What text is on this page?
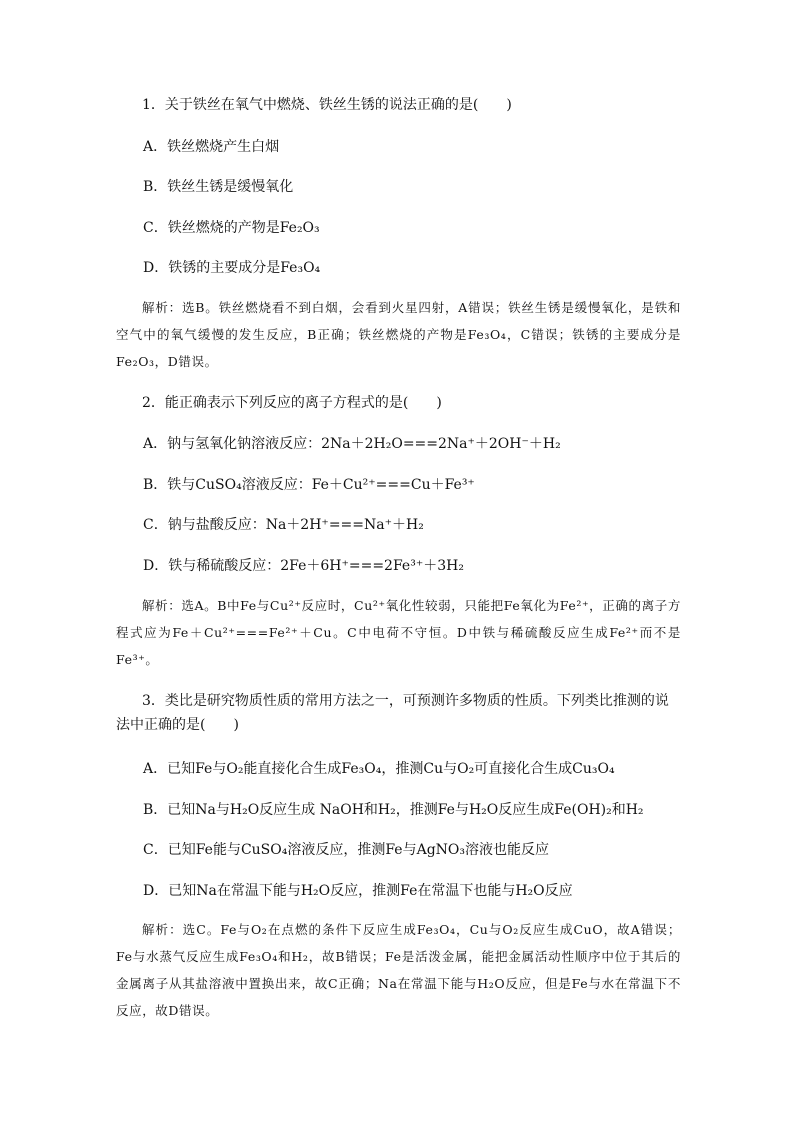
1．关于铁丝在氧气中燃烧、铁丝生锈的说法正确的是(　　)

A．铁丝燃烧产生白烟

B．铁丝生锈是缓慢氧化

C．铁丝燃烧的产物是Fe₂O₃

D．铁锈的主要成分是Fe₃O₄

解析：选B。铁丝燃烧看不到白烟，会看到火星四射，A错误；铁丝生锈是缓慢氧化，是铁和空气中的氧气缓慢的发生反应，B正确；铁丝燃烧的产物是Fe₃O₄，C错误；铁锈的主要成分是Fe₂O₃，D错误。

2．能正确表示下列反应的离子方程式的是(　　)

A．钠与氢氧化钠溶液反应：2Na＋2H₂O===2Na⁺＋2OH⁻＋H₂

B．铁与CuSO₄溶液反应：Fe＋Cu²⁺===Cu＋Fe³⁺

C．钠与盐酸反应：Na＋2H⁺===Na⁺＋H₂

D．铁与稀硫酸反应：2Fe＋6H⁺===2Fe³⁺＋3H₂

解析：选A。B中Fe与Cu²⁺反应时，Cu²⁺氧化性较弱，只能把Fe氧化为Fe²⁺，正确的离子方程式应为Fe＋Cu²⁺===Fe²⁺＋Cu。C中电荷不守恒。D中铁与稀硫酸反应生成Fe²⁺而不是Fe³⁺。

3．类比是研究物质性质的常用方法之一，可预测许多物质的性质。下列类比推测的说法中正确的是(　　)

A．已知Fe与O₂能直接化合生成Fe₃O₄，推测Cu与O₂可直接化合生成Cu₃O₄

B．已知Na与H₂O反应生成 NaOH和H₂，推测Fe与H₂O反应生成Fe(OH)₂和H₂

C．已知Fe能与CuSO₄溶液反应，推测Fe与AgNO₃溶液也能反应

D．已知Na在常温下能与H₂O反应，推测Fe在常温下也能与H₂O反应

解析：选C。Fe与O₂在点燃的条件下反应生成Fe₃O₄，Cu与O₂反应生成CuO，故A错误；Fe与水蒸气反应生成Fe₃O₄和H₂，故B错误；Fe是活泼金属，能把金属活动性顺序中位于其后的金属离子从其盐溶液中置换出来，故C正确；Na在常温下能与H₂O反应，但是Fe与水在常温下不反应，故D错误。
